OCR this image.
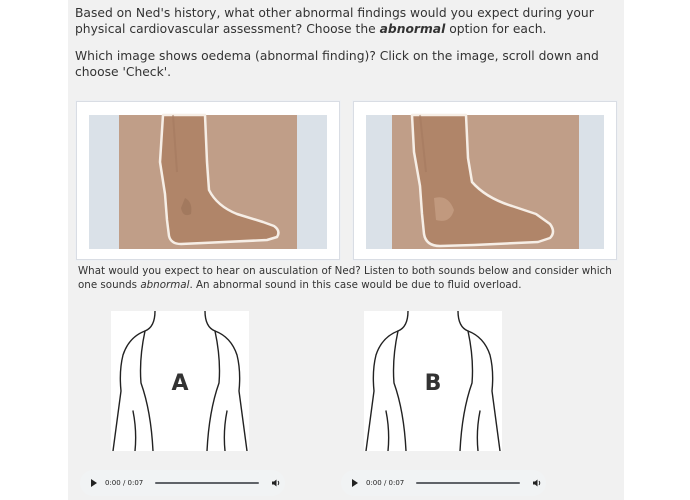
Based on Ned's history, what other abnormal findings would you expect during your physical cardiovascular assessment? Choose the abnormal option for each.

Which image shows oedema (abnormal finding)? Click on the image, scroll down and choose 'Check'.

What would you expect to hear on ausculation of Ned? Listen to both sounds below and consider which one sounds abnormal. An abnormal sound in this case would be due to fluid overload.

A	B
0:00 / 0:07	0:00 / 0:07
